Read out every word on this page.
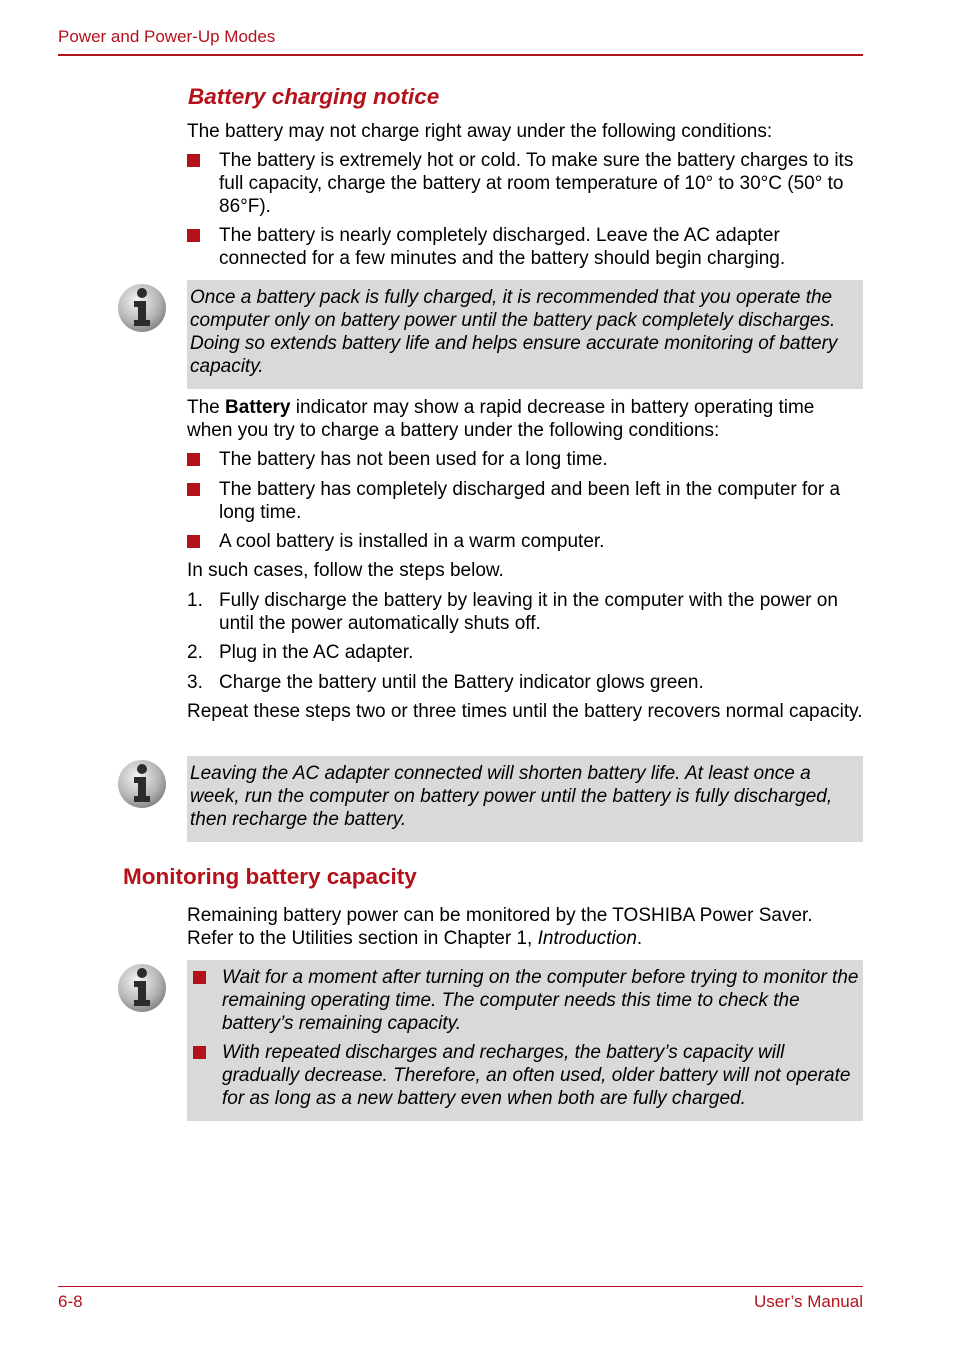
Power and Power-Up Modes
Battery charging notice
The battery may not charge right away under the following conditions:
The battery is extremely hot or cold. To make sure the battery charges to its full capacity, charge the battery at room temperature of 10° to 30°C (50° to 86°F).
The battery is nearly completely discharged. Leave the AC adapter connected for a few minutes and the battery should begin charging.
Once a battery pack is fully charged, it is recommended that you operate the computer only on battery power until the battery pack completely discharges. Doing so extends battery life and helps ensure accurate monitoring of battery capacity.
The Battery indicator may show a rapid decrease in battery operating time when you try to charge a battery under the following conditions:
The battery has not been used for a long time.
The battery has completely discharged and been left in the computer for a long time.
A cool battery is installed in a warm computer.
In such cases, follow the steps below.
1. Fully discharge the battery by leaving it in the computer with the power on until the power automatically shuts off.
2. Plug in the AC adapter.
3. Charge the battery until the Battery indicator glows green.
Repeat these steps two or three times until the battery recovers normal capacity.
Leaving the AC adapter connected will shorten battery life. At least once a week, run the computer on battery power until the battery is fully discharged, then recharge the battery.
Monitoring battery capacity
Remaining battery power can be monitored by the TOSHIBA Power Saver. Refer to the Utilities section in Chapter 1, Introduction.
Wait for a moment after turning on the computer before trying to monitor the remaining operating time. The computer needs this time to check the battery’s remaining capacity.
With repeated discharges and recharges, the battery’s capacity will gradually decrease. Therefore, an often used, older battery will not operate for as long as a new battery even when both are fully charged.
6-8	User’s Manual
